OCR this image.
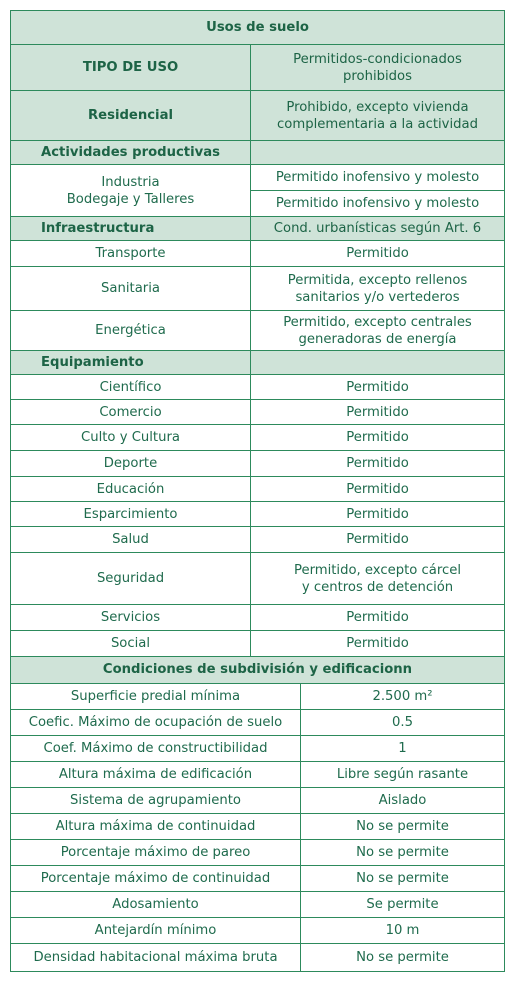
Usos de suelo	
TIPO DE USO	Permitidos-condicionados
prohibidos
Residencial	Prohibido, excepto vivienda
complementaria a la actividad
Actividades productivas	
Industria
Bodegaje y Talleres	Permitido inofensivo y molesto
	Permitido inofensivo y molesto
Infraestructura	Cond. urbanísticas según Art. 6
Transporte	Permitido
Sanitaria	Permitida, excepto rellenos
sanitarios y/o vertederos
Energética	Permitido, excepto centrales
generadoras de energía
Equipamiento	
Científico	Permitido
Comercio	Permitido
Culto y Cultura	Permitido
Deporte	Permitido
Educación	Permitido
Esparcimiento	Permitido
Salud	Permitido
Seguridad	Permitido, excepto cárcel
y centros de detención
Servicios	Permitido
Social	Permitido
Condiciones de subdivisión y edificacionn	
Superficie predial mínima	2.500 m²
Coefic. Máximo de ocupación de suelo	0.5
Coef. Máximo de constructibilidad	1
Altura máxima de edificación	Libre según rasante
Sistema de agrupamiento	Aislado
Altura máxima de continuidad	No se permite
Porcentaje máximo de pareo	No se permite
Porcentaje máximo de continuidad	No se permite
Adosamiento	Se permite
Antejardín mínimo	10 m
Densidad habitacional máxima bruta	No se permite
